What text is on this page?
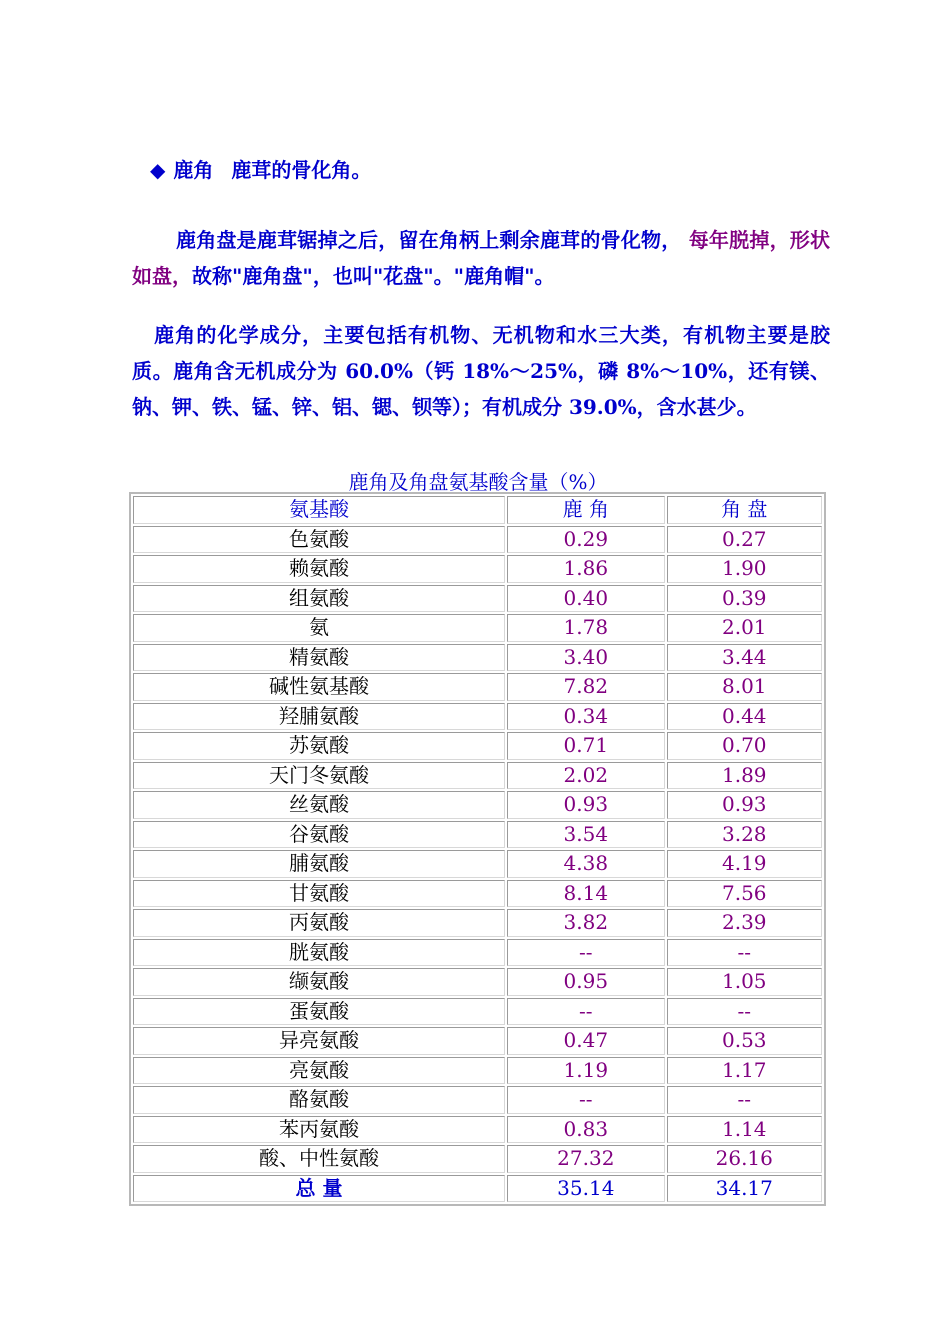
◆ 鹿角 鹿茸的骨化角。

鹿角盘是鹿茸锯掉之后，留在角柄上剩余鹿茸的骨化物， 每年脱掉，形状如盘，故称"鹿角盘"，也叫"花盘"。"鹿角帽"。

鹿角的化学成分，主要包括有机物、无机物和水三大类，有机物主要是胶质。鹿角含无机成分为 60.0%（钙 18%～25%，磷 8%～10%，还有镁、钠、钾、铁、锰、锌、铝、锶、钡等）；有机成分 39.0%，含水甚少。

鹿角及角盘氨基酸含量（%）
氨基酸	鹿 角	角 盘
色氨酸	0.29	0.27
赖氨酸	1.86	1.90
组氨酸	0.40	0.39
氨	1.78	2.01
精氨酸	3.40	3.44
碱性氨基酸	7.82	8.01
羟脯氨酸	0.34	0.44
苏氨酸	0.71	0.70
天门冬氨酸	2.02	1.89
丝氨酸	0.93	0.93
谷氨酸	3.54	3.28
脯氨酸	4.38	4.19
甘氨酸	8.14	7.56
丙氨酸	3.82	2.39
胱氨酸	--	--
缬氨酸	0.95	1.05
蛋氨酸	--	--
异亮氨酸	0.47	0.53
亮氨酸	1.19	1.17
酪氨酸	--	--
苯丙氨酸	0.83	1.14
酸、中性氨酸	27.32	26.16
总 量	35.14	34.17
